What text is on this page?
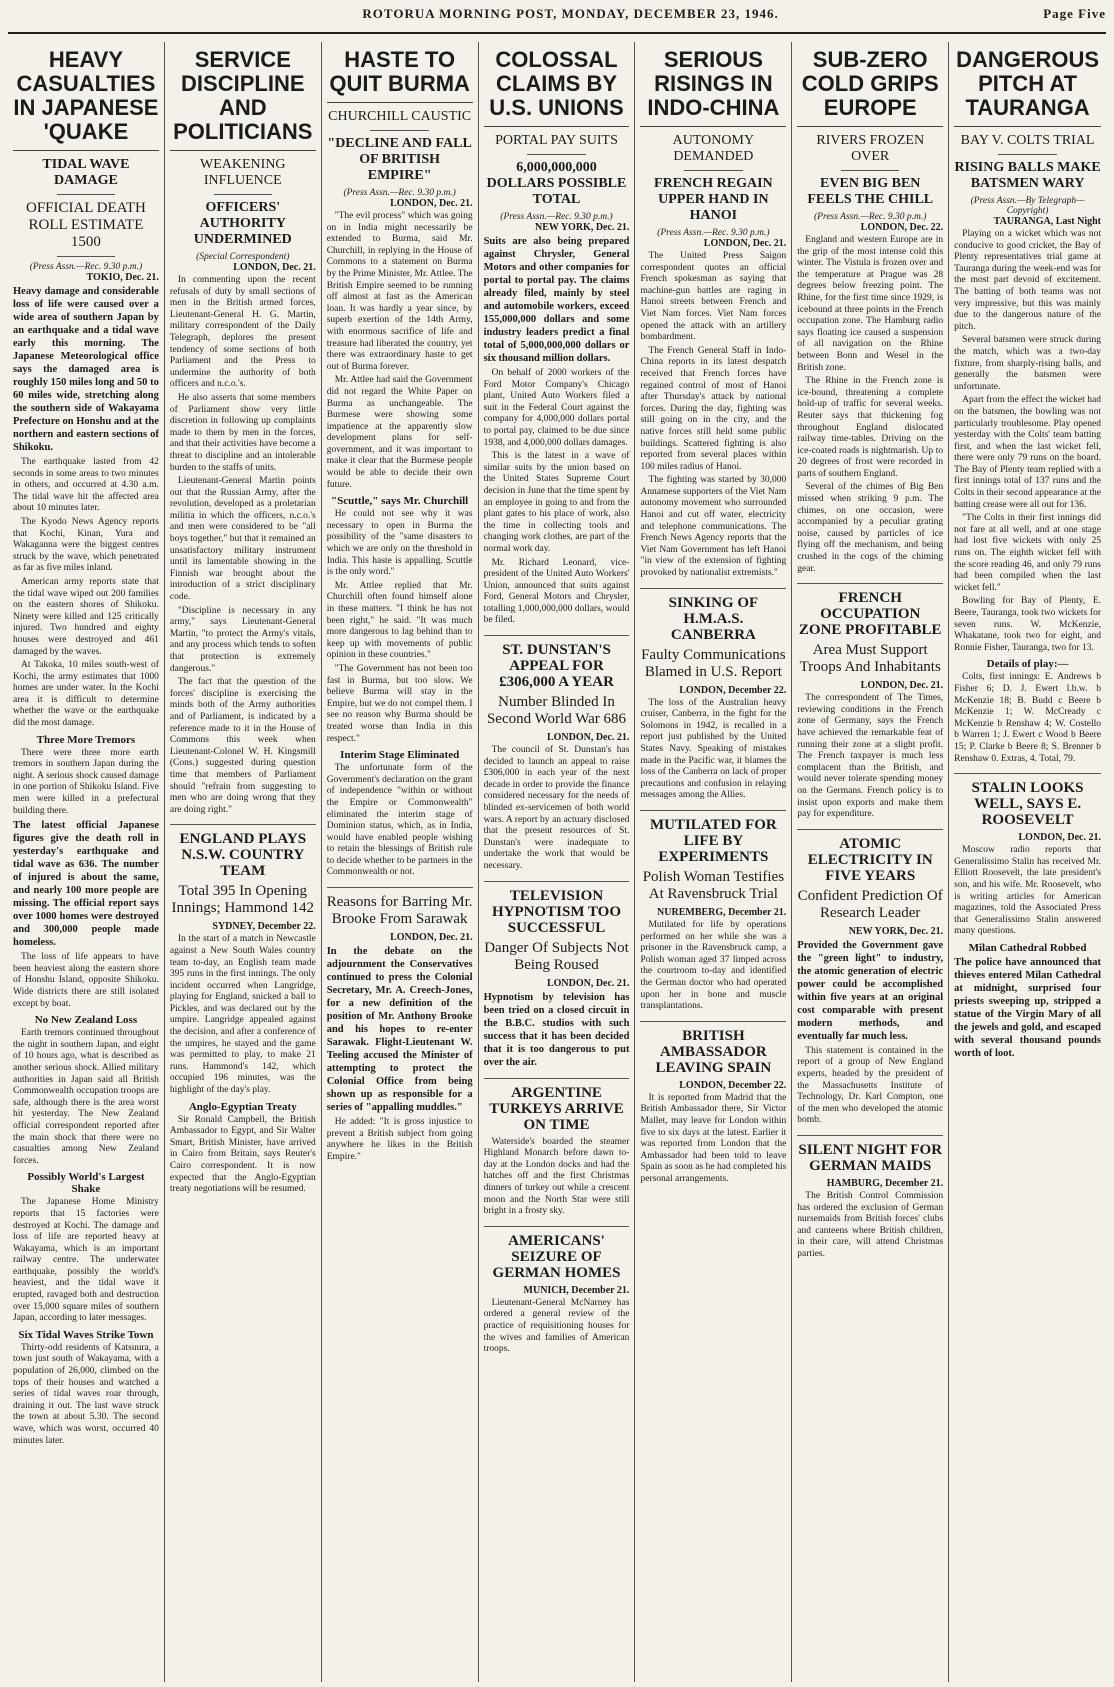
ROTORUA MORNING POST, MONDAY, DECEMBER 23, 1946.	Page Five
HEAVY CASUALTIES IN JAPANESE 'QUAKE
TIDAL WAVE DAMAGE
OFFICIAL DEATH ROLL ESTIMATE 1500
(Press Assn.—Rec. 9.30 p.m.)
TOKIO, Dec. 21.

Heavy damage and considerable loss of life were caused over a wide area of southern Japan by an earthquake and a tidal wave early this morning. The Japanese Meteorological office says the damaged area is roughly 150 miles long and 50 to 60 miles wide, stretching along the southern side of Wakayama Prefecture on Honshu and at the northern and eastern sections of Shikoku.

The earthquake lasted from 42 seconds in some areas to two minutes in others, and occurred at 4.30 a.m. The tidal wave hit the affected area about 10 minutes later.

The Kyodo News Agency reports that Kochi, Kinan, Yura and Wakaganna were the biggest centres struck by the wave, which penetrated as far as five miles inland.

American army reports state that the tidal wave wiped out 200 families on the eastern shores of Shikoku. Ninety were killed and 125 critically injured. Two hundred and eighty houses were destroyed and 461 damaged by the waves.

At Takoka, 10 miles south-west of Kochi, the army estimates that 1000 homes are under water. In the Kochi area it is difficult to determine whether the wave or the earthquake did the most damage.

Three More Tremors

There were three more earth tremors in southern Japan during the night. A serious shock caused damage in one portion of Shikoku Island. Five men were killed in a prefectural building there.

The latest official Japanese figures give the death roll in yesterday's earthquake and tidal wave as 636. The number of injured is about the same, and nearly 100 more people are missing. The official report says over 1000 homes were destroyed and 300,000 people made homeless.

The loss of life appears to have been heaviest along the eastern shore of Honshu Island, opposite Shikoku. Wide districts there are still isolated except by boat.

No New Zealand Loss

Earth tremors continued throughout the night in southern Japan, and eight of 10 hours ago, what is described as another serious shock. Allied military authorities in Japan said all British Commonwealth occupation troops are safe, although there is the area worst hit yesterday. The New Zealand official correspondent reported after the main shock that there were no casualties among New Zealand forces.

Possibly World's Largest Shake

The Japanese Home Ministry reports that 15 factories were destroyed at Kochi. The damage and loss of life are reported heavy at Wakayama, which is an important railway centre. The underwater earthquake, possibly the world's heaviest, and the tidal wave it erupted, ravaged both and destruction over 15,000 square miles of southern Japan, according to later messages.

Six Tidal Waves Strike Town

Thirty-odd residents of Katsuura, a town just south of Wakayama, with a population of 26,000, climbed on the tops of their houses and watched a series of tidal waves roar through, draining it out. The last wave struck the town at about 5.30. The second wave, which was worst, occurred 40 minutes later.

SERVICE DISCIPLINE AND POLITICIANS
WEAKENING INFLUENCE
OFFICERS' AUTHORITY UNDERMINED
(Special Correspondent)
LONDON, Dec. 21.

In commenting upon the recent refusals of duty by small sections of men in the British armed forces, Lieutenant-General H. G. Martin, military correspondent of the Daily Telegraph, deplores the present tendency of some sections of both Parliament and the Press to undermine the authority of both officers and n.c.o.'s.

He also asserts that some members of Parliament show very little discretion in following up complaints made to them by men in the forces, and that their activities have become a threat to discipline and an intolerable burden to the staffs of units.

Lieutenant-General Martin points out that the Russian Army, after the revolution, developed as a proletarian militia in which the officers, n.c.o.'s and men were considered to be "all boys together," but that it remained an unsatisfactory military instrument until its lamentable showing in the Finnish war brought about the introduction of a strict disciplinary code.

"Discipline is necessary in any army," says Lieutenant-General Martin, "to protect the Army's vitals, and any process which tends to soften that protection is extremely dangerous."

The fact that the question of the forces' discipline is exercising the minds both of the Army authorities and of Parliament, is indicated by a reference made to it in the House of Commons this week when Lieutenant-Colonel W. H. Kingsmill (Cons.) suggested during question time that members of Parliament should "refrain from suggesting to men who are doing wrong that they are doing right."

ENGLAND PLAYS N.S.W. COUNTRY TEAM
Total 395 In Opening Innings; Hammond 142
SYDNEY, December 22.

In the start of a match in Newcastle against a New South Wales country team to-day, an English team made 395 runs in the first innings. The only incident occurred when Langridge, playing for England, snicked a ball to Pickles, and was declared out by the umpire. Langridge appealed against the decision, and after a conference of the umpires, he stayed and the game was permitted to play, to make 21 runs. Hammond's 142, which occupied 196 minutes, was the highlight of the day's play.

Anglo-Egyptian Treaty

Sir Ronald Campbell, the British Ambassador to Egypt, and Sir Walter Smart, British Minister, have arrived in Cairo from Britain, says Reuter's Cairo correspondent. It is now expected that the Anglo-Egyptian treaty negotiations will be resumed.

HASTE TO QUIT BURMA
CHURCHILL CAUSTIC
"DECLINE AND FALL OF BRITISH EMPIRE"
(Press Assn.—Rec. 9.30 p.m.)
LONDON, Dec. 21.

"The evil process" which was going on in India might necessarily be extended to Burma, said Mr. Churchill, in replying in the House of Commons to a statement on Burma by the Prime Minister, Mr. Attlee. The British Empire seemed to be running off almost at fast as the American loan. It was hardly a year since, by superb exertion of the 14th Army, with enormous sacrifice of life and treasure had liberated the country, yet there was extraordinary haste to get out of Burma forever.

Mr. Attlee had said the Government did not regard the White Paper on Burma as unchangeable. The Burmese were showing some impatience at the apparently slow development plans for self-government, and it was important to make it clear that the Burmese people would be able to decide their own future.

"Scuttle," says Mr. Churchill

He could not see why it was necessary to open in Burma the possibility of the "same disasters to which we are only on the threshold in India. This haste is appalling. Scuttle is the only word."

Mr. Attlee replied that Mr. Churchill often found himself alone in these matters. "I think he has not been right," he said. "It was much more dangerous to lag behind than to keep up with movements of public opinion in these countries."

"The Government has not been too fast in Burma, but too slow. We believe Burma will stay in the Empire, but we do not compel them. I see no reason why Burma should be treated worse than India in this respect."

Interim Stage Eliminated

The unfortunate form of the Government's declaration on the grant of independence "within or without the Empire or Commonwealth" eliminated the interim stage of Dominion status, which, as in India, would have enabled people wishing to retain the blessings of British rule to decide whether to be partners in the Commonwealth or not.

Reasons for Barring Mr. Brooke From Sarawak
LONDON, Dec. 21.

In the debate on the adjournment the Conservatives continued to press the Colonial Secretary, Mr. A. Creech-Jones, for a new definition of the position of Mr. Anthony Brooke and his hopes to re-enter Sarawak. Flight-Lieutenant W. Teeling accused the Minister of attempting to protect the Colonial Office from being shown up as responsible for a series of "appalling muddles."

He added: "It is gross injustice to prevent a British subject from going anywhere he likes in the British Empire."

COLOSSAL CLAIMS BY U.S. UNIONS
PORTAL PAY SUITS
6,000,000,000 DOLLARS POSSIBLE TOTAL
(Press Assn.—Rec. 9.30 p.m.)
NEW YORK, Dec. 21.

Suits are also being prepared against Chrysler, General Motors and other companies for portal to portal pay. The claims already filed, mainly by steel and automobile workers, exceed 155,000,000 dollars and some industry leaders predict a final total of 5,000,000,000 dollars or six thousand million dollars.

On behalf of 2000 workers of the Ford Motor Company's Chicago plant, United Auto Workers filed a suit in the Federal Court against the company for 4,000,000 dollars portal to portal pay, claimed to be due since 1938, and 4,000,000 dollars damages.

This is the latest in a wave of similar suits by the union based on the United States Supreme Court decision in June that the time spent by an employee in going to and from the plant gates to his place of work, also the time in collecting tools and changing work clothes, are part of the normal work day.

Mr. Richard Leonard, vice-president of the United Auto Workers' Union, announced that suits against Ford, General Motors and Chrysler, totalling 1,000,000,000 dollars, would be filed.

ST. DUNSTAN'S APPEAL FOR £306,000 A YEAR
Number Blinded In Second World War 686
LONDON, Dec. 21.

The council of St. Dunstan's has decided to launch an appeal to raise £306,000 in each year of the next decade in order to provide the finance considered necessary for the needs of blinded ex-servicemen of both world wars. A report by an actuary disclosed that the present resources of St. Dunstan's were inadequate to undertake the work that would be necessary.

TELEVISION HYPNOTISM TOO SUCCESSFUL
Danger Of Subjects Not Being Roused
LONDON, Dec. 21.

Hypnotism by television has been tried on a closed circuit in the B.B.C. studios with such success that it has been decided that it is too dangerous to put over the air.

ARGENTINE TURKEYS ARRIVE ON TIME

Waterside's boarded the steamer Highland Monarch before dawn to-day at the London docks and had the hatches off and the first Christmas dinners of turkey out while a crescent moon and the North Star were still bright in a frosty sky.

AMERICANS' SEIZURE OF GERMAN HOMES
MUNICH, December 21.

Lieutenant-General McNarney has ordered a general review of the practice of requisitioning houses for the wives and families of American troops.

SERIOUS RISINGS IN INDO-CHINA
AUTONOMY DEMANDED
FRENCH REGAIN UPPER HAND IN HANOI
(Press Assn.—Rec. 9.30 p.m.)
LONDON, Dec. 21.

The United Press Saigon correspondent quotes an official French spokesman as saying that machine-gun battles are raging in Hanoi streets between French and Viet Nam forces. Viet Nam forces opened the attack with an artillery bombardment.

The French General Staff in Indo-China reports in its latest despatch received that French forces have regained control of most of Hanoi after Thursday's attack by national forces. During the day, fighting was still going on in the city, and the native forces still held some public buildings. Scattered fighting is also reported from several places within 100 miles radius of Hanoi.

The fighting was started by 30,000 Annamese supporters of the Viet Nam autonomy movement who surrounded Hanoi and cut off water, electricity and telephone communications. The French News Agency reports that the Viet Nam Government has left Hanoi "in view of the extension of fighting provoked by nationalist extremists."

SINKING OF H.M.A.S. CANBERRA
Faulty Communications Blamed in U.S. Report
LONDON, December 22.

The loss of the Australian heavy cruiser, Canberra, in the fight for the Solomons in 1942, is recalled in a report just published by the United States Navy. Speaking of mistakes made in the Pacific war, it blames the loss of the Canberra on lack of proper precautions and confusion in relaying messages among the Allies.

MUTILATED FOR LIFE BY EXPERIMENTS
Polish Woman Testifies At Ravensbruck Trial
NUREMBERG, December 21.

Mutilated for life by operations performed on her while she was a prisoner in the Ravensbruck camp, a Polish woman aged 37 limped across the courtroom to-day and identified the German doctor who had operated upon her in bone and muscle transplantations.

BRITISH AMBASSADOR LEAVING SPAIN
LONDON, December 22.

It is reported from Madrid that the British Ambassador there, Sir Victor Mallet, may leave for London within five to six days at the latest. Earlier it was reported from London that the Ambassador had been told to leave Spain as soon as he had completed his personal arrangements.

SUB-ZERO COLD GRIPS EUROPE
RIVERS FROZEN OVER
EVEN BIG BEN FEELS THE CHILL
(Press Assn.—Rec. 9.30 p.m.)
LONDON, Dec. 22.

England and western Europe are in the grip of the most intense cold this winter. The Vistula is frozen over and the temperature at Prague was 28 degrees below freezing point. The Rhine, for the first time since 1929, is icebound at three points in the French occupation zone. The Hamburg radio says floating ice caused a suspension of all navigation on the Rhine between Bonn and Wesel in the British zone.

The Rhine in the French zone is ice-bound, threatening a complete hold-up of traffic for several weeks. Reuter says that thickening fog throughout England dislocated railway time-tables. Driving on the ice-coated roads is nightmarish. Up to 20 degrees of frost were recorded in parts of southern England.

Several of the chimes of Big Ben missed when striking 9 p.m. The chimes, on one occasion, were accompanied by a peculiar grating noise, caused by particles of ice flying off the mechanism, and being crushed in the cogs of the chiming gear.

FRENCH OCCUPATION ZONE PROFITABLE
Area Must Support Troops And Inhabitants
LONDON, Dec. 21.

The correspondent of The Times, reviewing conditions in the French zone of Germany, says the French have achieved the remarkable feat of running their zone at a slight profit. The French taxpayer is much less complacent than the British, and would never tolerate spending money on the Germans. French policy is to insist upon exports and make them pay for expenditure.

ATOMIC ELECTRICITY IN FIVE YEARS
Confident Prediction Of Research Leader
NEW YORK, Dec. 21.

Provided the Government gave the "green light" to industry, the atomic generation of electric power could be accomplished within five years at an original cost comparable with present modern methods, and eventually far much less.

This statement is contained in the report of a group of New England experts, headed by the president of the Massachusetts Institute of Technology, Dr. Karl Compton, one of the men who developed the atomic bomb.

SILENT NIGHT FOR GERMAN MAIDS
HAMBURG, December 21.

The British Control Commission has ordered the exclusion of German nursemaids from British forces' clubs and canteens where British children, in their care, will attend Christmas parties.

DANGEROUS PITCH AT TAURANGA
BAY V. COLTS TRIAL
RISING BALLS MAKE BATSMEN WARY
(Press Assn.—By Telegraph—Copyright)
TAURANGA, Last Night

Playing on a wicket which was not conducive to good cricket, the Bay of Plenty representatives trial game at Tauranga during the week-end was for the most part devoid of excitement. The batting of both teams was not very impressive, but this was mainly due to the dangerous nature of the pitch.

Several batsmen were struck during the match, which was a two-day fixture, from sharply-rising balls, and generally the batsmen were unfortunate.

Apart from the effect the wicket had on the batsmen, the bowling was not particularly troublesome. Play opened yesterday with the Colts' team batting first, and when the last wicket fell, there were only 79 runs on the board. The Bay of Plenty team replied with a first innings total of 137 runs and the Colts in their second appearance at the batting crease were all out for 136.

"The Colts in their first innings did not fare at all well, and at one stage had lost five wickets with only 25 runs on. The eighth wicket fell with the score reading 46, and only 79 runs had been compiled when the last wicket fell."

Bowling for Bay of Plenty, E. Beere, Tauranga, took two wickets for seven runs. W. McKenzie, Whakatane, took two for eight, and Ronnie Fisher, Tauranga, two for 13.

Details of play:—

Colts, first innings: E. Andrews b Fisher 6; D. J. Ewert l.b.w. b McKenzie 18; B. Budd c Beere b McKenzie 1; W. McCready c McKenzie b Renshaw 4; W. Costello b Warren 1; J. Ewert c Wood b Beere 15; P. Clarke b Beere 8; S. Brenner b Renshaw 0. Extras, 4. Total, 79.

STALIN LOOKS WELL, SAYS E. ROOSEVELT
LONDON, Dec. 21.

Moscow radio reports that Generalissimo Stalin has received Mr. Elliott Roosevelt, the late president's son, and his wife. Mr. Roosevelt, who is writing articles for American magazines, told the Associated Press that Generalissimo Stalin answered many questions.

Milan Cathedral Robbed

The police have announced that thieves entered Milan Cathedral at midnight, surprised four priests sweeping up, stripped a statue of the Virgin Mary of all the jewels and gold, and escaped with several thousand pounds worth of loot.
